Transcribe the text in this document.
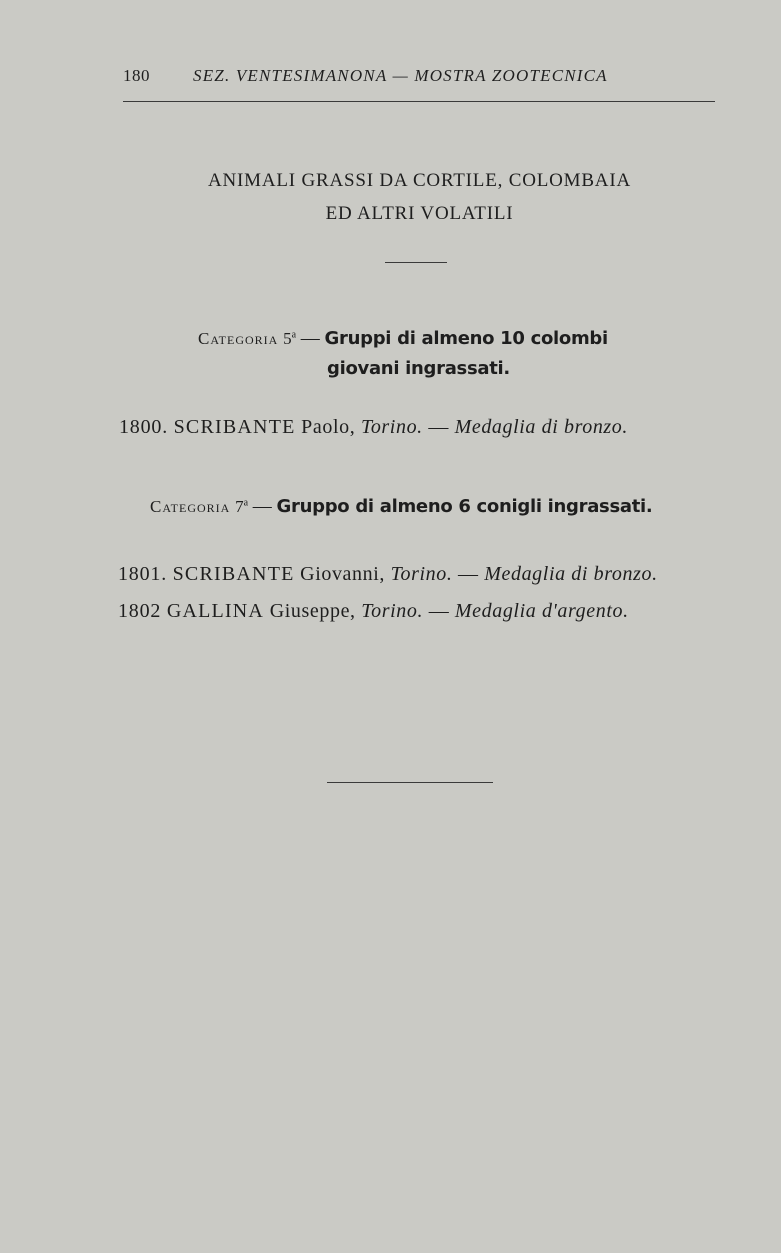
180	SEZ. VENTESIMANONA — MOSTRA ZOOTECNICA
ANIMALI GRASSI DA CORTILE, COLOMBAIA
ED ALTRI VOLATILI
Categoria 5$^a$ — Gruppi di almeno 10 colombi
giovani ingrassati.
1800. SCRIBANTE Paolo, Torino. — Medaglia di bronzo.
Categoria 7$^a$ — Gruppo di almeno 6 conigli ingrassati.
1801. SCRIBANTE Giovanni, Torino. — Medaglia di bronzo.
1802 GALLINA Giuseppe, Torino. — Medaglia d'argento.
